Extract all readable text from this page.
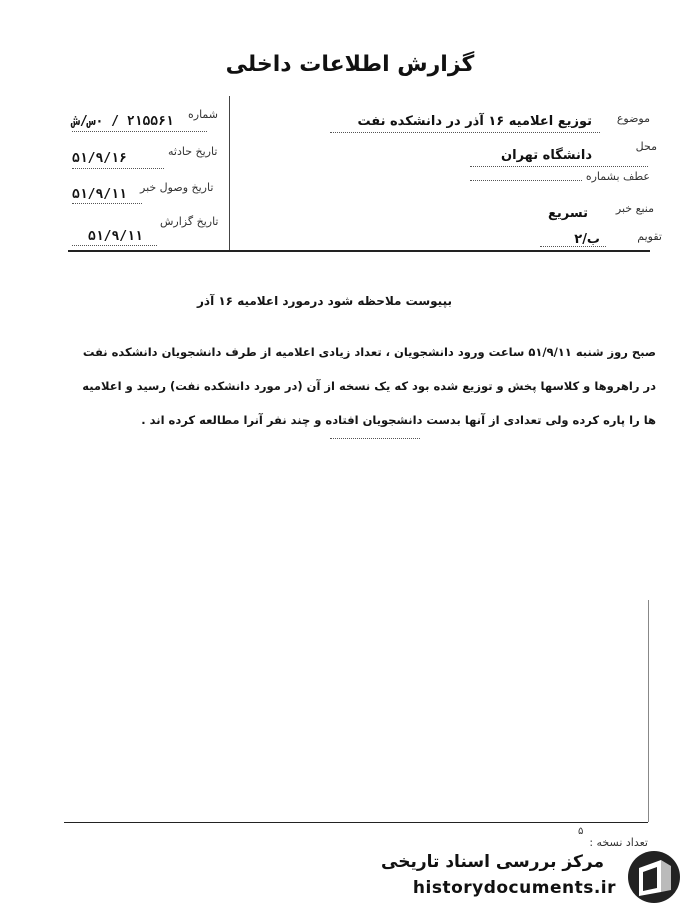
گزارش اطلاعات داخلی
شماره
۲۱۵۵۶۱ / ۰س/ش
تاریخ حادثه
۵۱/۹/۱۶
تاریخ وصول خبر
۵۱/۹/۱۱
تاریخ گزارش
۵۱/۹/۱۱
موضوع
توزیع اعلامیه ۱۶ آذر در دانشکده نفت
محل
دانشگاه تهران
عطف بشماره
منبع خبر
تسریع
تقویم
ب/۲
بپیوست ملاحظه شود درمورد اعلامیه ۱۶ آذر
صبح روز شنبه ۵۱/۹/۱۱ ساعت ورود دانشجویان ، تعداد زیادی اعلامیه از طرف دانشجویان دانشکده نفت
در راهروها و کلاسها پخش و توزیع شده بود که یک نسخه از آن (در مورد دانشکده نفت) رسید و اعلامیه
ها را پاره کرده ولی تعدادی از آنها بدست دانشجویان افتاده و چند نفر آنرا مطالعه کرده اند .
تعداد نسخه :
۵
مرکز بررسی اسناد تاریخی
historydocuments.ir
